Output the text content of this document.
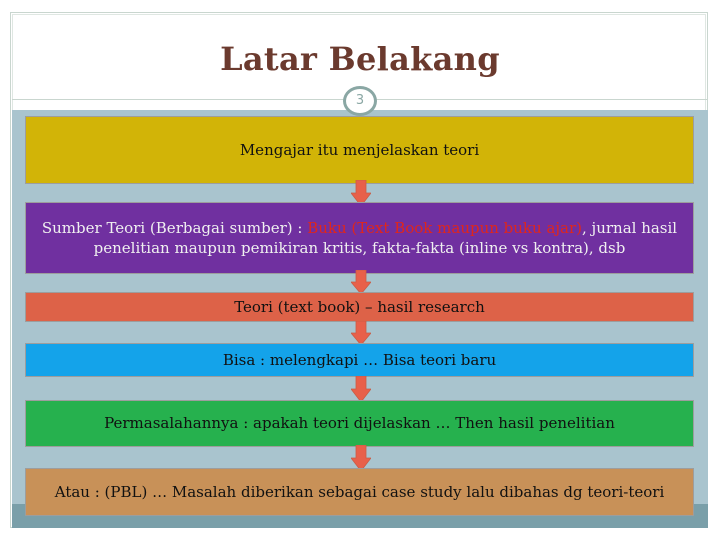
Latar Belakang
Mengajar itu menjelaskan teori
Sumber Teori (Berbagai sumber) : Buku (Text Book maupun buku ajar), jurnal hasil penelitian maupun pemikiran kritis, fakta-fakta (inline vs kontra), dsb
Teori (text book) – hasil research
Bisa : melengkapi … Bisa teori baru
Permasalahannya : apakah teori dijelaskan … Then hasil penelitian
Atau : (PBL) … Masalah diberikan sebagai case study lalu dibahas dg teori-teori
3
